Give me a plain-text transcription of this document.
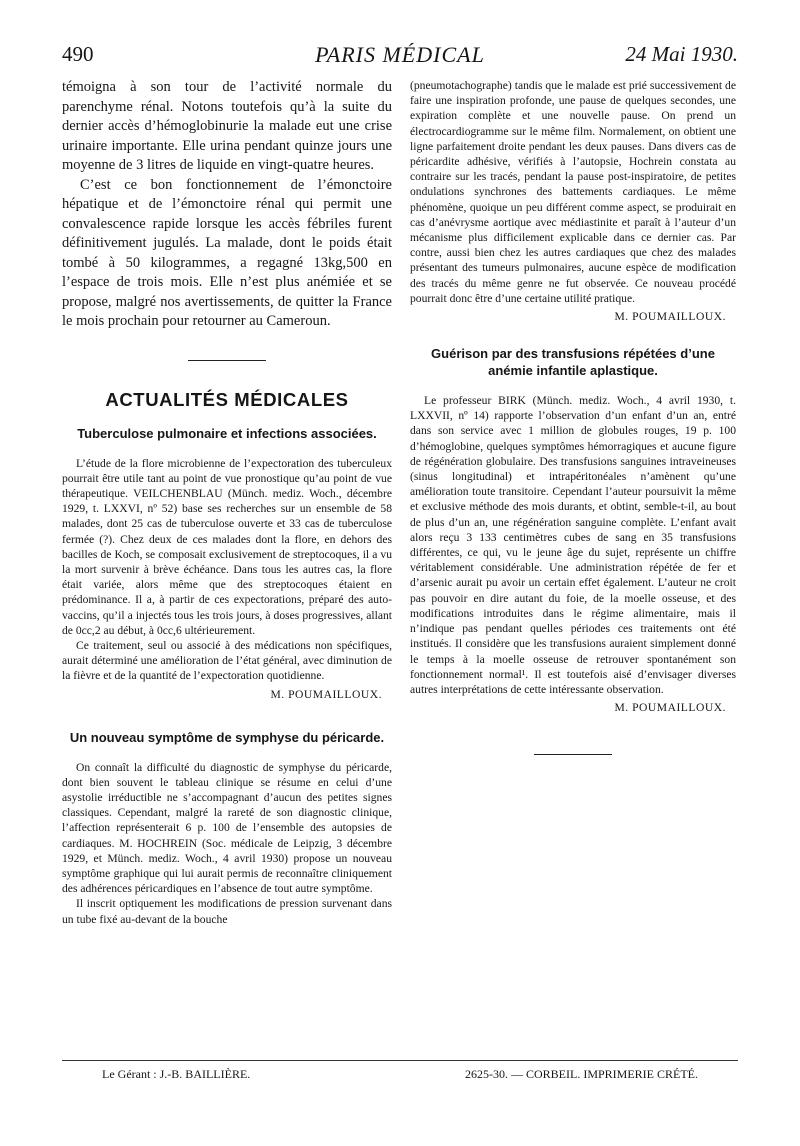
490	PARIS MÉDICAL	24 Mai 1930.

témoigna à son tour de l’activité normale du parenchyme rénal. Notons toutefois qu’à la suite du dernier accès d’hémoglobinurie la malade eut une crise urinaire importante. Elle urina pendant quinze jours une moyenne de 3 litres de liquide en vingt-quatre heures.

C’est ce bon fonctionnement de l’émonctoire hépatique et de l’émonctoire rénal qui permit une convalescence rapide lorsque les accès fébriles furent définitivement jugulés. La malade, dont le poids était tombé à 50 kilogrammes, a regagné 13kg,500 en l’espace de trois mois. Elle n’est plus anémiée et se propose, malgré nos avertissements, de quitter la France le mois prochain pour retourner au Cameroun.

ACTUALITÉS MÉDICALES
Tuberculose pulmonaire et infections associées.

L’étude de la flore microbienne de l’expectoration des tuberculeux pourrait être utile tant au point de vue pronostique qu’au point de vue thérapeutique. VEILCHENBLAU (Münch. mediz. Woch., décembre 1929, t. LXXVI, nº 52) base ses recherches sur un ensemble de 58 malades, dont 25 cas de tuberculose ouverte et 33 cas de tuberculose fermée (?). Chez deux de ces malades dont la flore, en dehors des bacilles de Koch, se composait exclusivement de streptocoques, il a vu la mort survenir à brève échéance. Dans tous les autres cas, la flore était variée, alors même que des streptocoques étaient en prédominance. Il a, à partir de ces expectorations, préparé des auto-vaccins, qu’il a injectés tous les trois jours, à doses progressives, allant de 0cc,2 au début, à 0cc,6 ultérieurement.

Ce traitement, seul ou associé à des médications non spécifiques, aurait déterminé une amélioration de l’état général, avec diminution de la fièvre et de la quantité de l’expectoration quotidienne.

M. POUMAILLOUX.

Un nouveau symptôme de symphyse du péricarde.

On connaît la difficulté du diagnostic de symphyse du péricarde, dont bien souvent le tableau clinique se résume en celui d’une asystolie irréductible ne s’accompagnant d’aucun des petites signes classiques. Cependant, malgré la rareté de son diagnostic clinique, l’affection représenterait 6 p. 100 de l’ensemble des autopsies de cardiaques. M. HOCHREIN (Soc. médicale de Leipzig, 3 décembre 1929, et Münch. mediz. Woch., 4 avril 1930) propose un nouveau symptôme graphique qui lui aurait permis de reconnaître cliniquement des adhérences péricardiques en l’absence de tout autre symptôme.

Il inscrit optiquement les modifications de pression survenant dans un tube fixé au-devant de la bouche

(pneumotachographe) tandis que le malade est prié successivement de faire une inspiration profonde, une pause de quelques secondes, une expiration complète et une nouvelle pause. On prend un électrocardiogramme sur le même film. Normalement, on obtient une ligne parfaitement droite pendant les deux pauses. Dans divers cas de péricardite adhésive, vérifiés à l’autopsie, Hochrein constata au contraire sur les tracés, pendant la pause post-inspiratoire, de petites ondulations synchrones des battements cardiaques. Le même phénomène, quoique un peu différent comme aspect, se produirait en cas d’anévrysme aortique avec médiastinite et paraît à l’auteur d’un mécanisme plus difficilement explicable dans ce dernier cas. Par contre, aussi bien chez les autres cardiaques que chez des malades présentant des tumeurs pulmonaires, aucune espèce de modification des tracés du même genre ne fut observée. Ce nouveau procédé pourrait donc être d’une certaine utilité pratique.

M. POUMAILLOUX.

Guérison par des transfusions répétées d’une anémie infantile aplastique.

Le professeur BIRK (Münch. mediz. Woch., 4 avril 1930, t. LXXVII, nº 14) rapporte l’observation d’un enfant d’un an, entré dans son service avec 1 million de globules rouges, 19 p. 100 d’hémoglobine, quelques symptômes hémorragiques et aucune figure de régénération globulaire. Des transfusions sanguines intraveineuses (sinus longitudinal) et intrapéritonéales n’amènent qu’une amélioration toute transitoire. Cependant l’auteur poursuivit la même et exclusive méthode des mois durants, et obtint, semble-t-il, au bout de plus d’un an, une régénération sanguine complète. L’enfant avait alors reçu 3 133 centimètres cubes de sang en 35 transfusions différentes, ce qui, vu le jeune âge du sujet, représente un chiffre véritablement considérable. Une administration répétée de fer et d’arsenic aurait pu avoir un certain effet également. L’auteur ne croit pas pouvoir en dire autant du foie, de la moelle osseuse, et des modifications introduites dans le régime alimentaire, mais il n’indique pas pendant quelles périodes ces traitements ont été institués. Il considère que les transfusions auraient simplement donné le temps à la moelle osseuse de retrouver spontanément son fonctionnement normal¹. Il est toutefois aisé d’envisager diverses autres interprétations de cette intéressante observation.

M. POUMAILLOUX.

Le Gérant : J.-B. BAILLIÈRE.	2625-30. — CORBEIL. IMPRIMERIE CRÉTÉ.
